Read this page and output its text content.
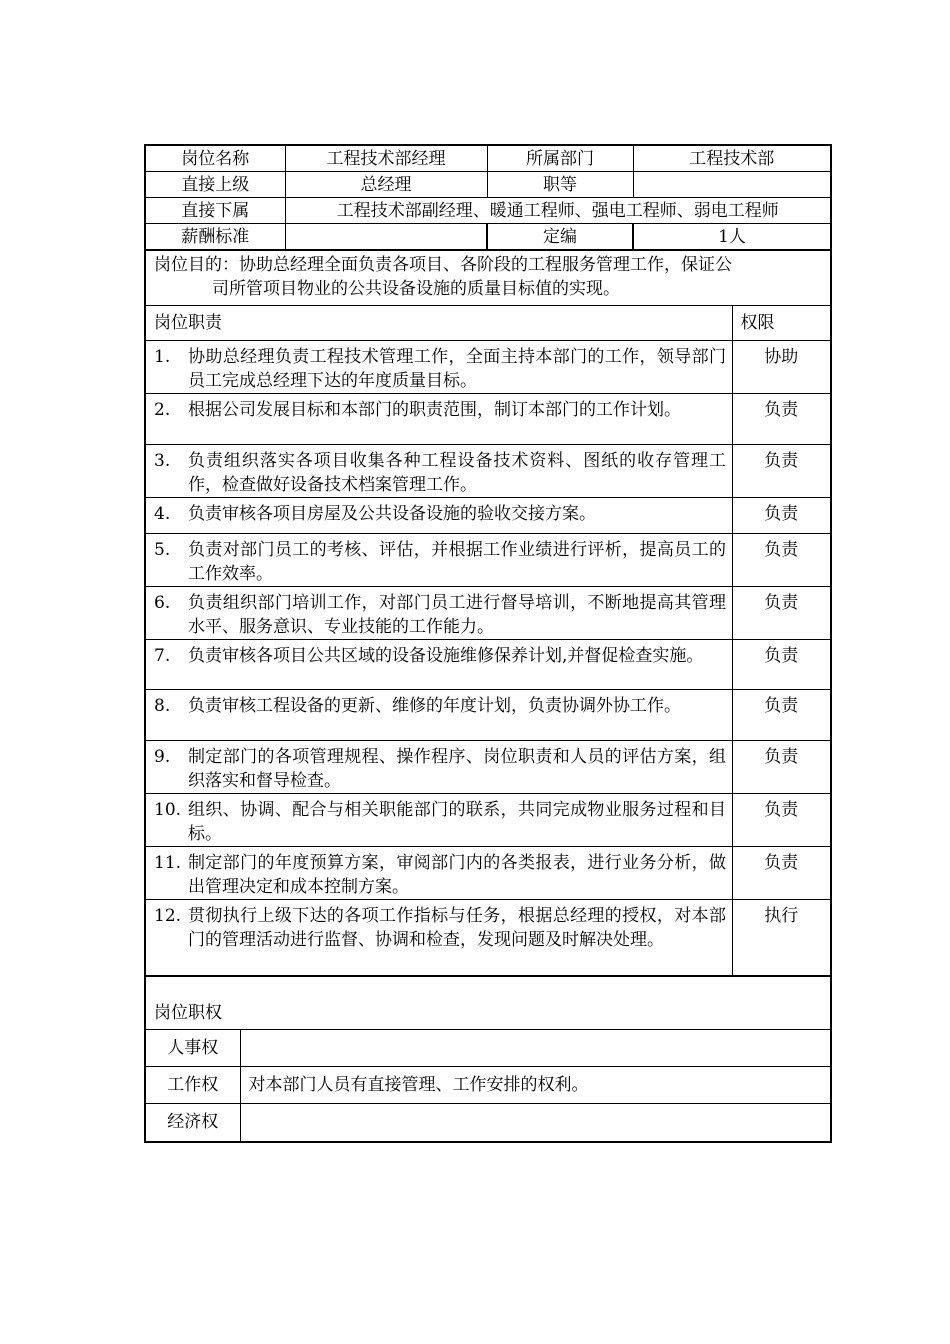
岗位名称	工程技术部经理	所属部门	工程技术部
直接上级	总经理	职等	
直接下属	工程技术部副经理、暖通工程师、强电工程师、弱电工程师		
薪酬标准		定编	1人
岗位目的：协助总经理全面负责各项目、各阶段的工程服务管理工作，保证公
司所管项目物业的公共设备设施的质量目标值的实现。	

岗位职责	权限
1. 协助总经理负责工程技术管理工作，全面主持本部门的工作，领导部门员工完成总经理下达的年度质量目标。	协助
2. 根据公司发展目标和本部门的职责范围，制订本部门的工作计划。	负责
3. 负责组织落实各项目收集各种工程设备技术资料、图纸的收存管理工作，检查做好设备技术档案管理工作。	负责
4. 负责审核各项目房屋及公共设备设施的验收交接方案。	负责
5. 负责对部门员工的考核、评估，并根据工作业绩进行评析，提高员工的工作效率。	负责
6. 负责组织部门培训工作，对部门员工进行督导培训，不断地提高其管理水平、服务意识、专业技能的工作能力。	负责
7. 负责审核各项目公共区域的设备设施维修保养计划,并督促检查实施。	负责
8. 负责审核工程设备的更新、维修的年度计划，负责协调外协工作。	负责
9. 制定部门的各项管理规程、操作程序、岗位职责和人员的评估方案，组织落实和督导检查。	负责
10. 组织、协调、配合与相关职能部门的联系，共同完成物业服务过程和目标。	负责
11. 制定部门的年度预算方案，审阅部门内的各类报表，进行业务分析，做出管理决定和成本控制方案。	负责
12. 贯彻执行上级下达的各项工作指标与任务，根据总经理的授权，对本部门的管理活动进行监督、协调和检查，发现问题及时解决处理。	执行
岗位职权	
人事权	
工作权	对本部门人员有直接管理、工作安排的权利。
经济权	
